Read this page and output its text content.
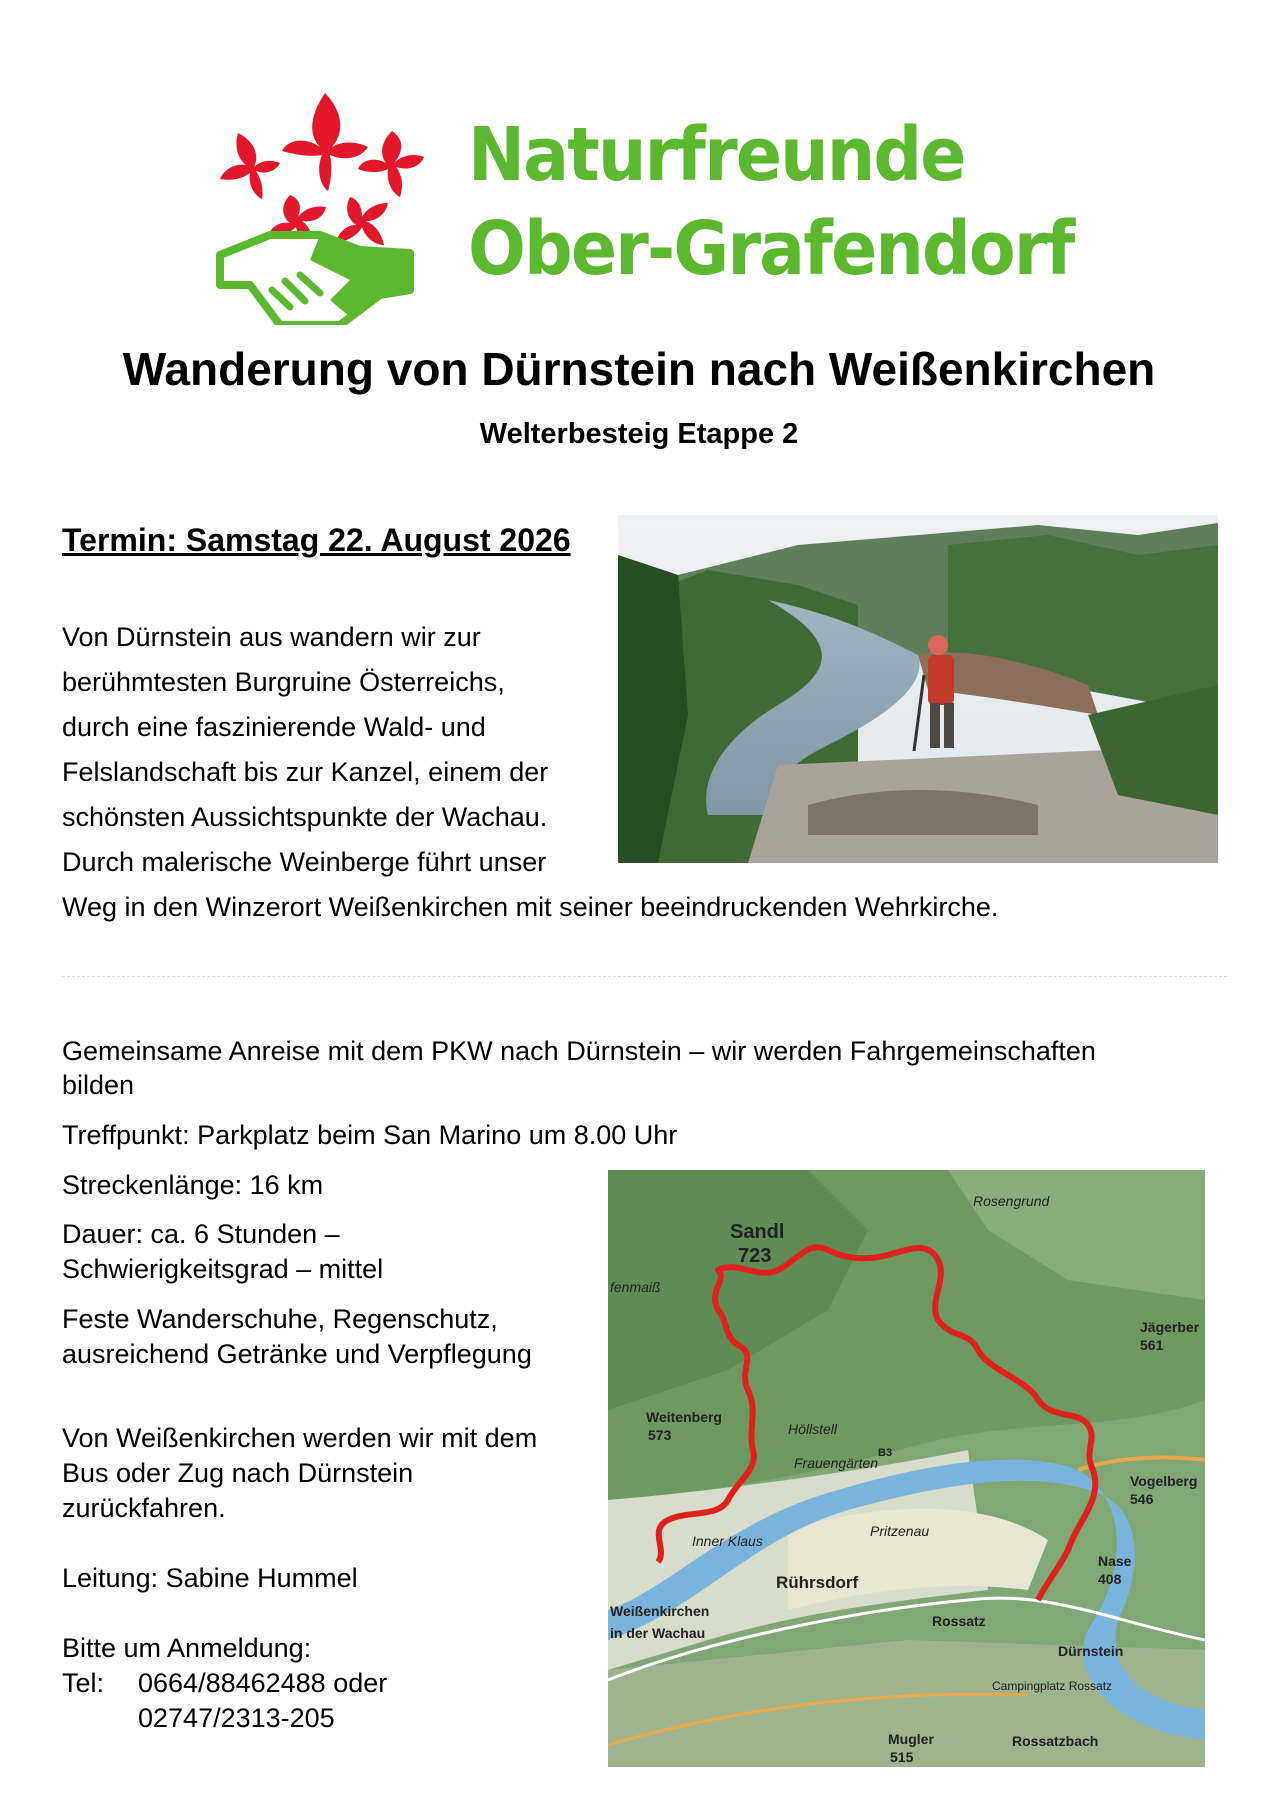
Naturfreunde
Ober-Grafendorf
Wanderung von Dürnstein nach Weißenkirchen
Welterbesteig Etappe 2
Termin: Samstag 22. August 2026
Von Dürnstein aus wandern wir zur
berühmtesten Burgruine Österreichs,
durch eine faszinierende Wald- und
Felslandschaft bis zur Kanzel, einem der
schönsten Aussichtspunkte der Wachau.
Durch malerische Weinberge führt unser
Weg in den Winzerort Weißenkirchen mit seiner beeindruckenden Wehrkirche.
Gemeinsame Anreise mit dem PKW nach Dürnstein – wir werden Fahrgemeinschaften
bilden
Treffpunkt: Parkplatz beim San Marino um 8.00 Uhr
Streckenlänge: 16 km
Dauer: ca. 6 Stunden –
Schwierigkeitsgrad – mittel
Feste Wanderschuhe, Regenschutz,
ausreichend Getränke und Verpflegung
Von Weißenkirchen werden wir mit dem
Bus oder Zug nach Dürnstein
zurückfahren.
Leitung: Sabine Hummel
Bitte um Anmeldung:
Tel: 0664/88462488 oder
02747/2313-205
Rosengrund
Sandl
723
fenmaiß
Jägerber
561
Weitenberg
573	Höllstell
Frauengärten
B3
Vogelberg
546
Pritzenau
Inner Klaus
Nase
408
Rührsdorf
Weißenkirchen
in der Wachau
Rossatz
Dürnstein
Campingplatz Rossatz
Rossatzbach
Mugler
515
